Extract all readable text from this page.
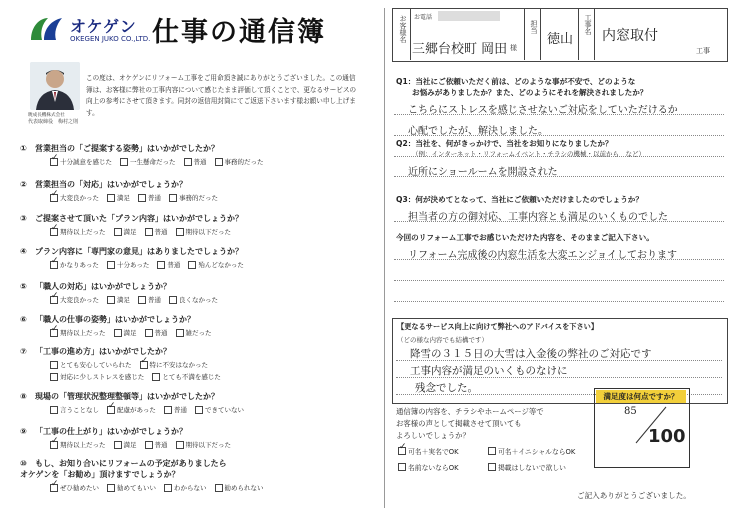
オケゲン
OKEGEN JUKO CO.,LTD. 仕事の通信簿
暁成長機株式会社
代表取締役　梅村之則
この度は、オケゲンにリフォーム工事をご用命頂き誠にありがとうございました。この通信簿は、お客様に弊社の工事内容について感じたまま評価して頂くことで、更なるサービスの向上の参考にさせて頂きます。同封の返信用封筒にてご返送下さいます様お願い申し上げます。
① 営業担当の「ご提案する姿勢」はいかがでしたか？
✓
十分誠意を感じた	一生懸命だった	普通	事務的だった
② 営業担当の「対応」はいかがでしょうか？
✓
大変良かった	満足	普通	事務的だった
③ ご提案させて頂いた「プラン内容」はいかがでしょうか？
✓
期待以上だった	満足	普通	期待以下だった
④ プラン内容に「専門家の意見」はありましたでしょうか？
✓
かなりあった	十分あった	普通	殆んどなかった
⑤ 「職人の対応」はいかがでしょうか？
✓
大変良かった	満足	普通	良くなかった
⑥ 「職人の仕事の姿勢」はいかがでしょうか？
✓
期待以上だった	満足	普通	雑だった
⑦ 「工事の進め方」はいかがでしたか？
とても安心していられた ✓	特に不安はなかった
対応に少しストレスを感じた	とても不満を感じた
⑧ 現場の「管理状況整理整頓等」はいかがでしたか？
言うことなし ✓	配慮があった	普通	できていない
⑨ 「工事の仕上がり」はいかがでしょうか？
✓
期待以上だった	満足	普通	期待以下だった
⑩ もし、お知り合いにリフォームの予定がありましたら
オケゲンを「お勧め」頂けますでしょうか？
✓
ぜひ勧めたい	勧めてもいい	わからない	勧められない
お客様名 お電話
三郷台校町 岡田 様
担当
徳山
工事名
内窓取付
工事
Q1：当社にご依頼いただく前は、どのような事が不安で、どのような
お悩みがありましたか？また、どのようにそれを解決されましたか？
こちらにストレスを感じさせないご対応をしていただけるか
心配でしたが、解決しました。
Q2：当社を、何がきっかけで、当社をお知りになりましたか？
（例：インターネット・リフォームイベント・チラシの機械・以前から　など）
近所にショールームを開設された
Q3：何が決めてとなって、当社にご依頼いただけましたのでしょうか？
担当者の方の御対応、工事内容とも満足のいくものでした
今回のリフォーム工事でお感じいただけた内容を、そのままご記入下さい。
リフォーム完成後の内窓生活を大変エンジョイしております
【更なるサービス向上に向けて弊社へのアドバイスを下さい】
（どの様な内容でも結構です）
降雪の３１５日の大雪は入金後の弊社のご対応です
工事内容が満足のいくものなけに
残念でした。
通信簿の内容を、チラシやホームページ等で
お客様の声として掲載させて頂いても
よろしいでしょうか？
✓
可名＋実名でOK	可名＋イニシャルならOK
名前ないならOK	掲載はしないで欲しい
満足度は何点ですか？
85
100
ご記入ありがとうございました。
